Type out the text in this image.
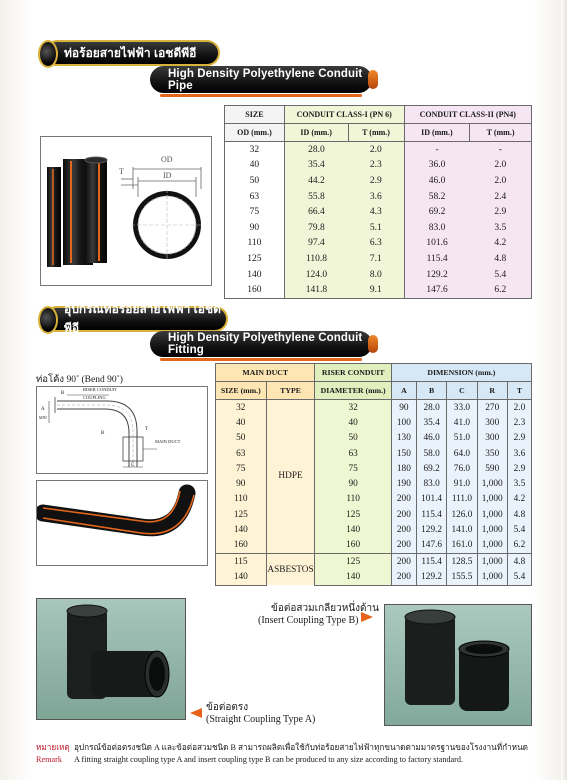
ท่อร้อยสายไฟฟ้า เอชดีพีอี
High Density Polyethylene Conduit Pipe
OD
ID
T
SIZE	CONDUIT CLASS-I (PN 6)		CONDUIT CLASS-II (PN4)	
OD (mm.)	ID (mm.)	T (mm.)	ID (mm.)	T (mm.)
32	28.0	2.0	-	-
40	35.4	2.3	36.0	2.0
50	44.2	2.9	46.0	2.0
63	55.8	3.6	58.2	2.4
75	66.4	4.3	69.2	2.9
90	79.8	5.1	83.0	3.5
110	97.4	6.3	101.6	4.2
125	110.8	7.1	115.4	4.8
140	124.0	8.0	129.2	5.4
160	141.8	9.1	147.6	6.2
อุปกรณ์ท่อร้อยสายไฟฟ้า เอชดีพีอี
High Density Polyethylene Conduit Fitting
ท่อโค้ง 90˚ (Bend 90˚)
RISER CONDUIT
COUPLING
MAIN DUCT
A
MIN
B
R
C
T
MAIN DUCT		RISER CONDUIT	DIMENSION (mm.)				
SIZE (mm.)	TYPE	DIAMETER (mm.)	A	B	C	R	T
32	HDPE	32	90	28.0	33.0	270	2.0
40		40	100	35.4	41.0	300	2.3
50		50	130	46.0	51.0	300	2.9
63		63	150	58.0	64.0	350	3.6
75		75	180	69.2	76.0	590	2.9
90		90	190	83.0	91.0	1,000	3.5
110		110	200	101.4	111.0	1,000	4.2
125		125	200	115.4	126.0	1,000	4.8
140		140	200	129.2	141.0	1,000	5.4
160		160	200	147.6	161.0	1,000	6.2
115	ASBESTOS	125	200	115.4	128.5	1,000	4.8
140		140	200	129.2	155.5	1,000	5.4
ข้อต่อสวมเกลียวหนึ่งด้าน
(Insert Coupling Type B)
ข้อต่อตรง
(Straight Coupling Type A)
หมายเหตุ อุปกรณ์ข้อต่อตรงชนิด A และข้อต่อสวมชนิด B สามารถผลิตเพื่อใช้กับท่อร้อยสายไฟฟ้าทุกขนาดตามมาตรฐานของโรงงานที่กำหนด
Remark A fitting straight coupling type A and insert coupling type B can be produced to any size according to factory standard.
